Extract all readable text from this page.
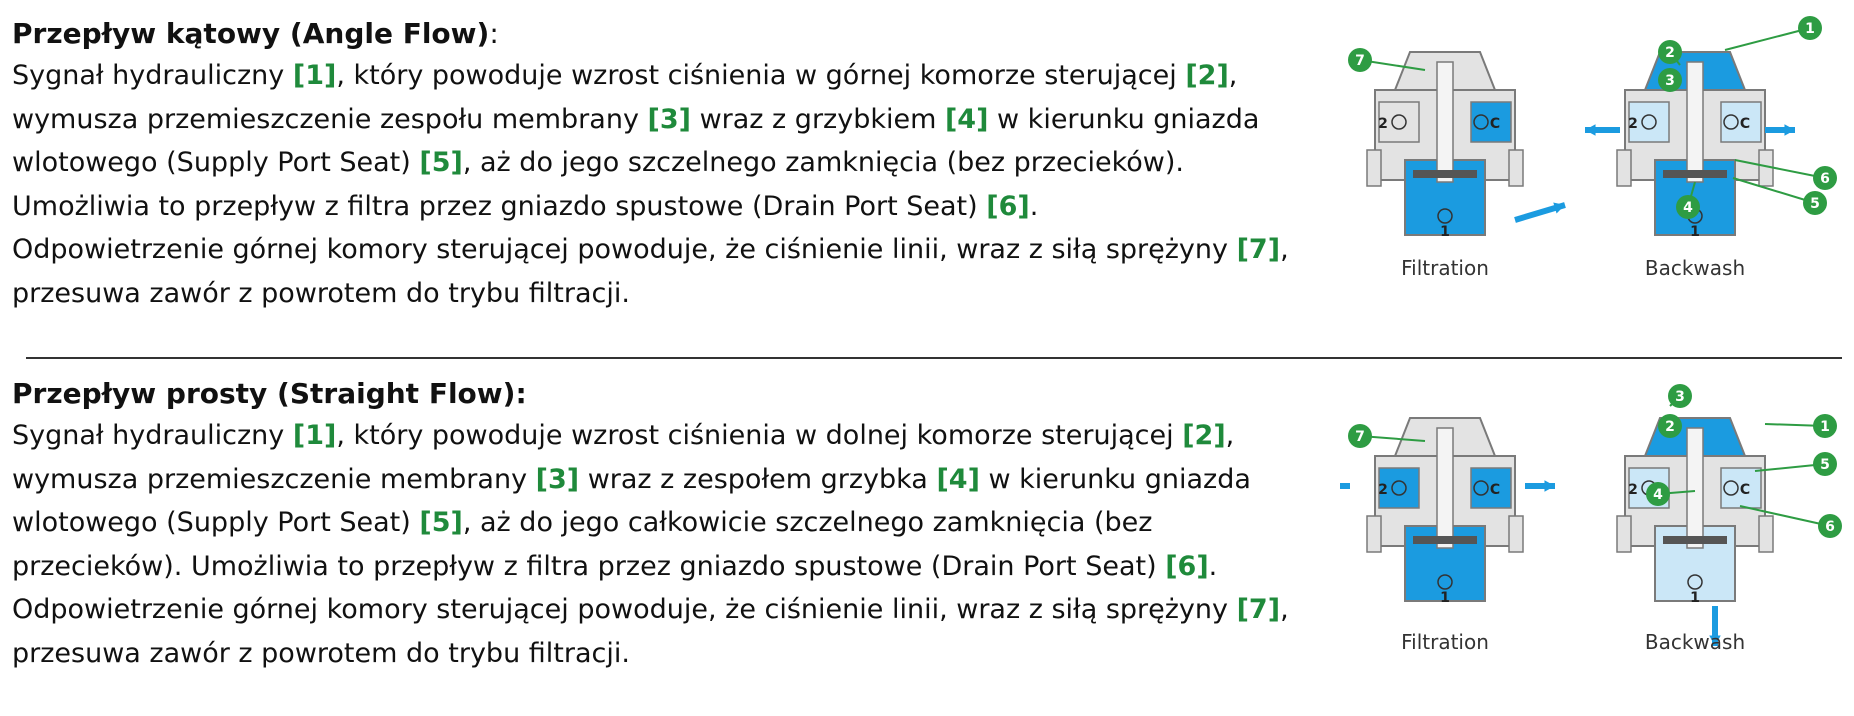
Przepływ kątowy (Angle Flow):

Sygnał hydrauliczny [1], który powoduje wzrost ciśnienia w górnej komorze sterującej [2],

wymusza przemieszczenie zespołu membrany [3] wraz z grzybkiem [4] w kierunku gniazda

wlotowego (Supply Port Seat) [5], aż do jego szczelnego zamknięcia (bez przecieków).

Umożliwia to przepływ z filtra przez gniazdo spustowe (Drain Port Seat) [6].

Odpowietrzenie górnej komory sterującej powoduje, że ciśnienie linii, wraz z siłą sprężyny [7],

przesuwa zawór z powrotem do trybu filtracji.

2	C
1
2	C
1
7
1
2
3
6
4	5
Filtration	Backwash

Przepływ prosty (Straight Flow):

Sygnał hydrauliczny [1], który powoduje wzrost ciśnienia w dolnej komorze sterującej [2],

wymusza przemieszczenie membrany [3] wraz z zespołem grzybka [4] w kierunku gniazda

wlotowego (Supply Port Seat) [5], aż do jego całkowicie szczelnego zamknięcia (bez

przecieków). Umożliwia to przepływ z filtra przez gniazdo spustowe (Drain Port Seat) [6].

Odpowietrzenie górnej komory sterującej powoduje, że ciśnienie linii, wraz z siłą sprężyny [7],

przesuwa zawór z powrotem do trybu filtracji.

2	C
1
2	C
1
7
3
2	1
5
4
6
Filtration	Backwash
